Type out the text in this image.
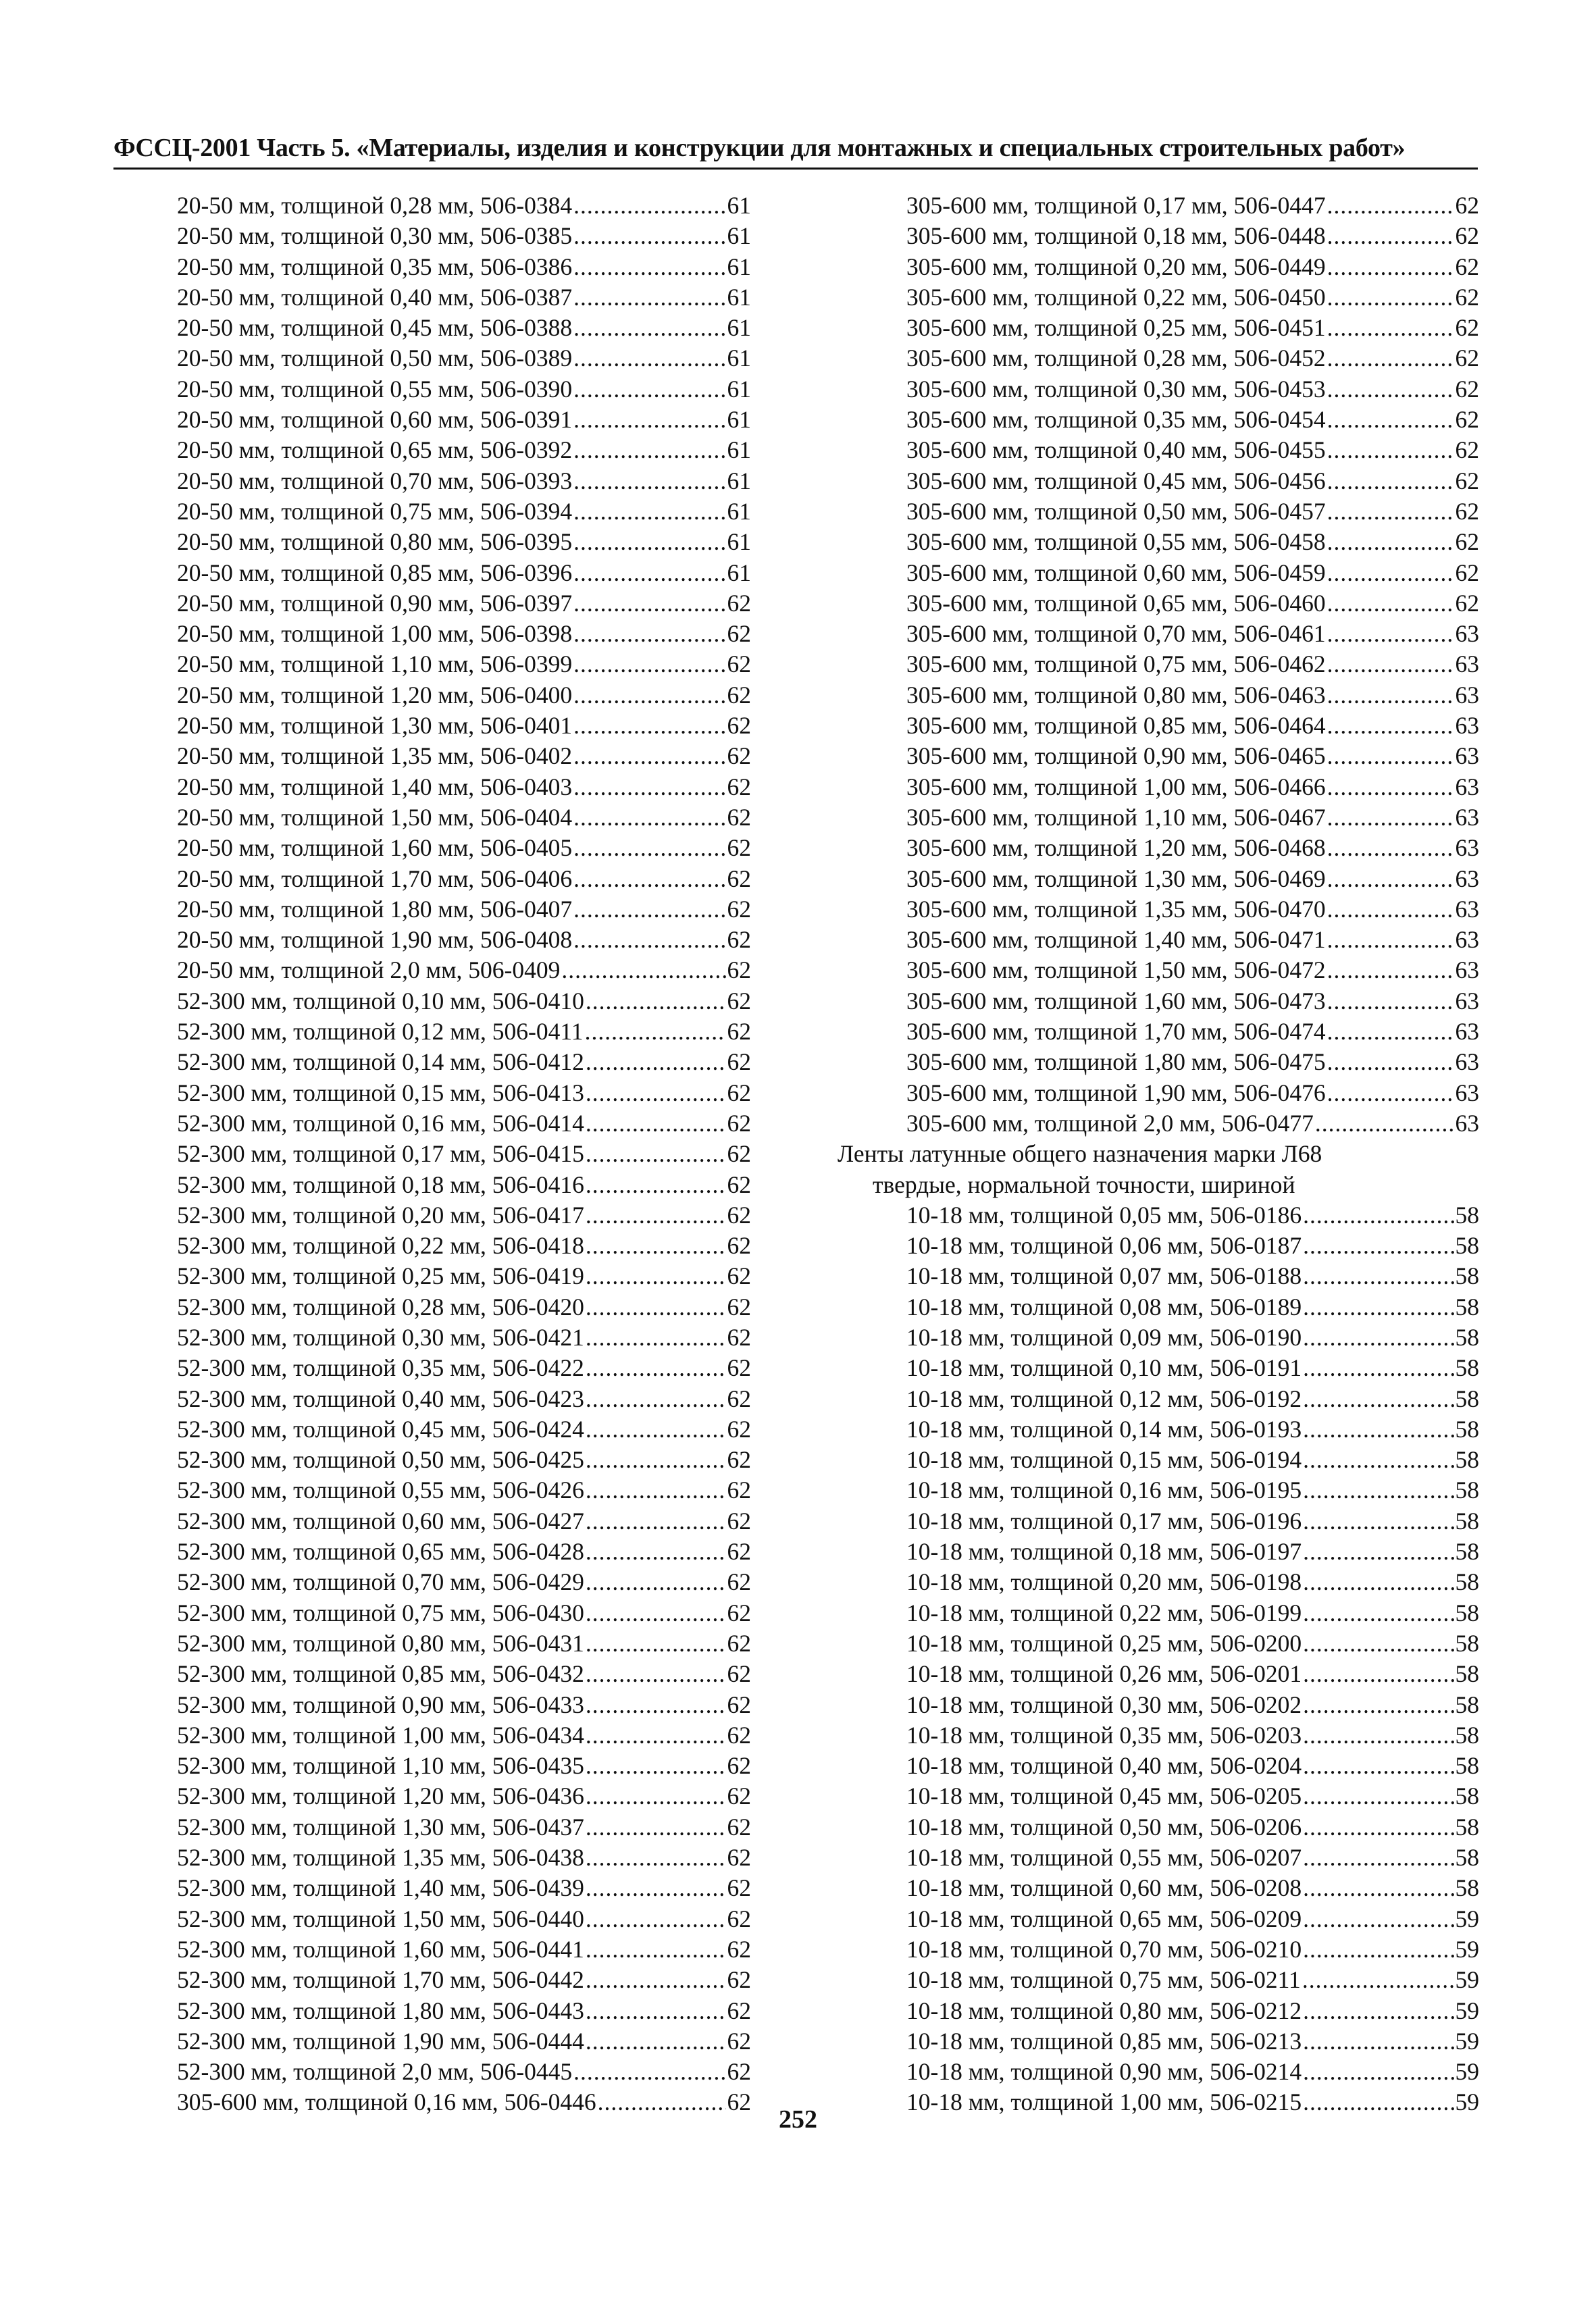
ФССЦ-2001 Часть 5. «Материалы, изделия и конструкции для монтажных и специальных строительных работ»
20-50 мм, толщиной 0,28 мм, 506-0384 .....	61
20-50 мм, толщиной 0,30 мм, 506-0385 .....	61
20-50 мм, толщиной 0,35 мм, 506-0386 .....	61
20-50 мм, толщиной 0,40 мм, 506-0387 .....	61
20-50 мм, толщиной 0,45 мм, 506-0388 .....	61
20-50 мм, толщиной 0,50 мм, 506-0389 .....	61
20-50 мм, толщиной 0,55 мм, 506-0390 .....	61
20-50 мм, толщиной 0,60 мм, 506-0391 .....	61
20-50 мм, толщиной 0,65 мм, 506-0392 .....	61
20-50 мм, толщиной 0,70 мм, 506-0393 .....	61
20-50 мм, толщиной 0,75 мм, 506-0394 .....	61
20-50 мм, толщиной 0,80 мм, 506-0395 .....	61
20-50 мм, толщиной 0,85 мм, 506-0396 .....	61
20-50 мм, толщиной 0,90 мм, 506-0397 .....	62
20-50 мм, толщиной 1,00 мм, 506-0398 .....	62
20-50 мм, толщиной 1,10 мм, 506-0399 .....	62
20-50 мм, толщиной 1,20 мм, 506-0400 .....	62
20-50 мм, толщиной 1,30 мм, 506-0401 .....	62
20-50 мм, толщиной 1,35 мм, 506-0402 .....	62
20-50 мм, толщиной 1,40 мм, 506-0403 .....	62
20-50 мм, толщиной 1,50 мм, 506-0404 .....	62
20-50 мм, толщиной 1,60 мм, 506-0405 .....	62
20-50 мм, толщиной 1,70 мм, 506-0406 .....	62
20-50 мм, толщиной 1,80 мм, 506-0407 .....	62
20-50 мм, толщиной 1,90 мм, 506-0408 .....	62
20-50 мм, толщиной 2,0 мм, 506-0409 .....	62
52-300 мм, толщиной 0,10 мм, 506-0410 .....	62
52-300 мм, толщиной 0,12 мм, 506-0411 .....	62
52-300 мм, толщиной 0,14 мм, 506-0412 .....	62
52-300 мм, толщиной 0,15 мм, 506-0413 .....	62
52-300 мм, толщиной 0,16 мм, 506-0414 .....	62
52-300 мм, толщиной 0,17 мм, 506-0415 .....	62
52-300 мм, толщиной 0,18 мм, 506-0416 .....	62
52-300 мм, толщиной 0,20 мм, 506-0417 .....	62
52-300 мм, толщиной 0,22 мм, 506-0418 .....	62
52-300 мм, толщиной 0,25 мм, 506-0419 .....	62
52-300 мм, толщиной 0,28 мм, 506-0420 .....	62
52-300 мм, толщиной 0,30 мм, 506-0421 .....	62
52-300 мм, толщиной 0,35 мм, 506-0422 .....	62
52-300 мм, толщиной 0,40 мм, 506-0423 .....	62
52-300 мм, толщиной 0,45 мм, 506-0424 .....	62
52-300 мм, толщиной 0,50 мм, 506-0425 .....	62
52-300 мм, толщиной 0,55 мм, 506-0426 .....	62
52-300 мм, толщиной 0,60 мм, 506-0427 .....	62
52-300 мм, толщиной 0,65 мм, 506-0428 .....	62
52-300 мм, толщиной 0,70 мм, 506-0429 .....	62
52-300 мм, толщиной 0,75 мм, 506-0430 .....	62
52-300 мм, толщиной 0,80 мм, 506-0431 .....	62
52-300 мм, толщиной 0,85 мм, 506-0432 .....	62
52-300 мм, толщиной 0,90 мм, 506-0433 .....	62
52-300 мм, толщиной 1,00 мм, 506-0434 .....	62
52-300 мм, толщиной 1,10 мм, 506-0435 .....	62
52-300 мм, толщиной 1,20 мм, 506-0436 .....	62
52-300 мм, толщиной 1,30 мм, 506-0437 .....	62
52-300 мм, толщиной 1,35 мм, 506-0438 .....	62
52-300 мм, толщиной 1,40 мм, 506-0439 .....	62
52-300 мм, толщиной 1,50 мм, 506-0440 .....	62
52-300 мм, толщиной 1,60 мм, 506-0441 .....	62
52-300 мм, толщиной 1,70 мм, 506-0442 .....	62
52-300 мм, толщиной 1,80 мм, 506-0443 .....	62
52-300 мм, толщиной 1,90 мм, 506-0444 .....	62
52-300 мм, толщиной 2,0 мм, 506-0445 .....	62
305-600 мм, толщиной 0,16 мм, 506-0446 .....	62
305-600 мм, толщиной 0,17 мм, 506-0447 .....	62
305-600 мм, толщиной 0,18 мм, 506-0448 .....	62
305-600 мм, толщиной 0,20 мм, 506-0449 .....	62
305-600 мм, толщиной 0,22 мм, 506-0450 .....	62
305-600 мм, толщиной 0,25 мм, 506-0451 .....	62
305-600 мм, толщиной 0,28 мм, 506-0452 .....	62
305-600 мм, толщиной 0,30 мм, 506-0453 .....	62
305-600 мм, толщиной 0,35 мм, 506-0454 .....	62
305-600 мм, толщиной 0,40 мм, 506-0455 .....	62
305-600 мм, толщиной 0,45 мм, 506-0456 .....	62
305-600 мм, толщиной 0,50 мм, 506-0457 .....	62
305-600 мм, толщиной 0,55 мм, 506-0458 .....	62
305-600 мм, толщиной 0,60 мм, 506-0459 .....	62
305-600 мм, толщиной 0,65 мм, 506-0460 .....	62
305-600 мм, толщиной 0,70 мм, 506-0461 .....	63
305-600 мм, толщиной 0,75 мм, 506-0462 .....	63
305-600 мм, толщиной 0,80 мм, 506-0463 .....	63
305-600 мм, толщиной 0,85 мм, 506-0464 .....	63
305-600 мм, толщиной 0,90 мм, 506-0465 .....	63
305-600 мм, толщиной 1,00 мм, 506-0466 .....	63
305-600 мм, толщиной 1,10 мм, 506-0467 .....	63
305-600 мм, толщиной 1,20 мм, 506-0468 .....	63
305-600 мм, толщиной 1,30 мм, 506-0469 .....	63
305-600 мм, толщиной 1,35 мм, 506-0470 .....	63
305-600 мм, толщиной 1,40 мм, 506-0471 .....	63
305-600 мм, толщиной 1,50 мм, 506-0472 .....	63
305-600 мм, толщиной 1,60 мм, 506-0473 .....	63
305-600 мм, толщиной 1,70 мм, 506-0474 .....	63
305-600 мм, толщиной 1,80 мм, 506-0475 .....	63
305-600 мм, толщиной 1,90 мм, 506-0476 .....	63
305-600 мм, толщиной 2,0 мм, 506-0477 .....	63
Ленты латунные общего назначения марки Л68
твердые, нормальной точности, шириной
10-18 мм, толщиной 0,05 мм, 506-0186 .....	58
10-18 мм, толщиной 0,06 мм, 506-0187 .....	58
10-18 мм, толщиной 0,07 мм, 506-0188 .....	58
10-18 мм, толщиной 0,08 мм, 506-0189 .....	58
10-18 мм, толщиной 0,09 мм, 506-0190 .....	58
10-18 мм, толщиной 0,10 мм, 506-0191 .....	58
10-18 мм, толщиной 0,12 мм, 506-0192 .....	58
10-18 мм, толщиной 0,14 мм, 506-0193 .....	58
10-18 мм, толщиной 0,15 мм, 506-0194 .....	58
10-18 мм, толщиной 0,16 мм, 506-0195 .....	58
10-18 мм, толщиной 0,17 мм, 506-0196 .....	58
10-18 мм, толщиной 0,18 мм, 506-0197 .....	58
10-18 мм, толщиной 0,20 мм, 506-0198 .....	58
10-18 мм, толщиной 0,22 мм, 506-0199 .....	58
10-18 мм, толщиной 0,25 мм, 506-0200 .....	58
10-18 мм, толщиной 0,26 мм, 506-0201 .....	58
10-18 мм, толщиной 0,30 мм, 506-0202 .....	58
10-18 мм, толщиной 0,35 мм, 506-0203 .....	58
10-18 мм, толщиной 0,40 мм, 506-0204 .....	58
10-18 мм, толщиной 0,45 мм, 506-0205 .....	58
10-18 мм, толщиной 0,50 мм, 506-0206 .....	58
10-18 мм, толщиной 0,55 мм, 506-0207 .....	58
10-18 мм, толщиной 0,60 мм, 506-0208 .....	58
10-18 мм, толщиной 0,65 мм, 506-0209 .....	59
10-18 мм, толщиной 0,70 мм, 506-0210 .....	59
10-18 мм, толщиной 0,75 мм, 506-0211 .....	59
10-18 мм, толщиной 0,80 мм, 506-0212 .....	59
10-18 мм, толщиной 0,85 мм, 506-0213 .....	59
10-18 мм, толщиной 0,90 мм, 506-0214 .....	59
10-18 мм, толщиной 1,00 мм, 506-0215 .....	59
252
